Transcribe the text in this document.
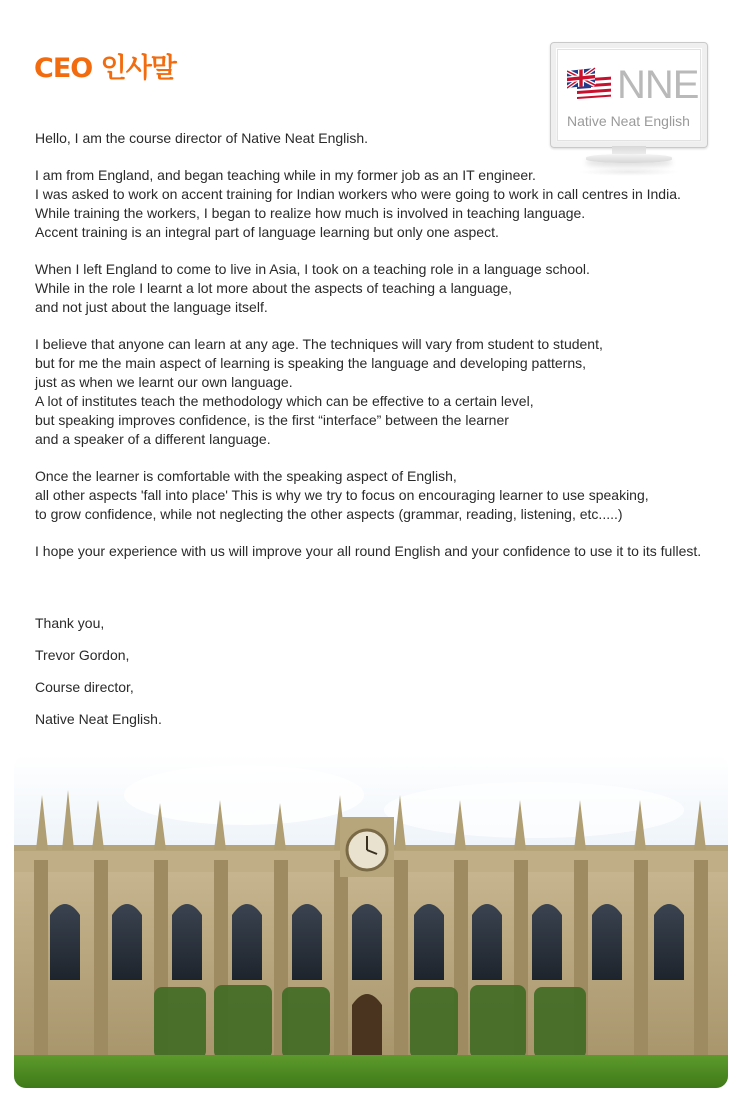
CEO 인사말	NNE
Native Neat English

Hello, I am the course director of Native Neat English.

I am from England, and began teaching while in my former job as an IT engineer.
I was asked to work on accent training for Indian workers who were going to work in call centres in India.
While training the workers, I began to realize how much is involved in teaching language.
Accent training is an integral part of language learning but only one aspect.

When I left England to come to live in Asia, I took on a teaching role in a language school.
While in the role I learnt a lot more about the aspects of teaching a language,
and not just about the language itself.

I believe that anyone can learn at any age. The techniques will vary from student to student,
but for me the main aspect of learning is speaking the language and developing patterns,
just as when we learnt our own language.
A lot of institutes teach the methodology which can be effective to a certain level,
but speaking improves confidence, is the first “interface” between the learner
and a speaker of a different language.

Once the learner is comfortable with the speaking aspect of English,
all other aspects 'fall into place' This is why we try to focus on encouraging learner to use speaking,
to grow confidence, while not neglecting the other aspects (grammar, reading, listening, etc.....)

I hope your experience with us will improve your all round English and your confidence to use it to its fullest.

Thank you,
Trevor Gordon,
Course director,
Native Neat English.
